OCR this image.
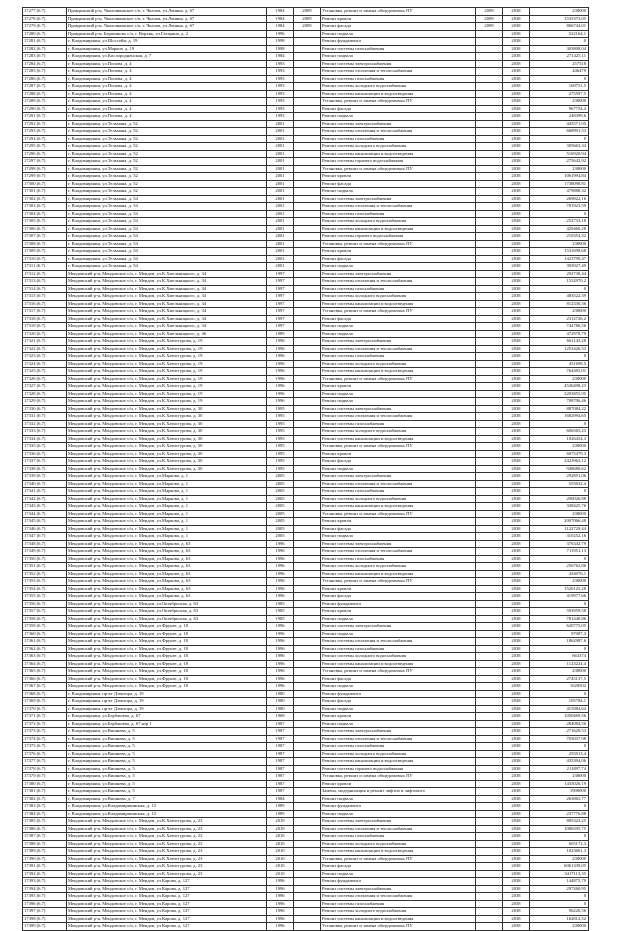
17277 (6.7)	Правдинский р-н, Чкаловкинское с/п, г. Чкалов, ул.Ленина, д. 67	1984	2009	Установка, ремонт и замена общедомовых ПУ	2009	2038	238000
17278 (6.7)	Правдинский р-н, Чкаловкинское с/п, г. Чкалов, ул.Ленина, д. 67	1984	2009	Ремонт кровли	2009	2038	1535373,05
17279 (6.7)	Правдинский р-н, Чкаловкинское с/п, г. Чкалов, ул.Ленина, д. 67	1984	2009	Ремонт фасада	2009	2038	866744,01
17280 (6.7)	Правдинский р-н, Бершиново с/п, г. Верхнь, ул.Гагарина, д. 2	1996		Ремонт подвала		2038	522164,1
17281 (6.7)	г. Владимиршин, ул.Шоссейн, д. 19	1998		Ремонт фундамента		2038	0
17282 (6.7)	г. Владимиршин, ул.Марков, д. 19	1998		Ремонт системы газоснабжения		2038	303808,04
17283 (6.7)	г. Владимиршин, ул.Кислородненская, д. 7	1984		Ремонт подвала		2038	271425,11
17284 (6.7)	г. Владимиршин, ул.Попова, д. 4	1993		Ремонт системы электроснабжения		2038	257518
17285 (6.7)	г. Владимиршин, ул.Попова, д. 4	1993		Ремонт системы отопления и теплоснабжения		2038	446479
17286 (6.7)	г. Владимиршин, ул.Попова, д. 4	1993		Ремонт системы газоснабжения		2038	0
17287 (6.7)	г. Владимиршин, ул.Попова, д. 4	1993		Ремонт системы холодного водоснабжения		2038	169751,5
17288 (6.7)	г. Владимиршин, ул.Попова, д. 4	1993		Ремонт системы канализации и водоотведения		2038	275597,5
17289 (6.7)	г. Владимиршин, ул.Попова, д. 4	1993		Установка, ремонт и замена общедомовых ПУ		2038	238000
17290 (6.7)	г. Владимиршин, ул.Попова, д. 4	1993		Ремонт фасада		2038	967754,4
17291 (6.7)	г. Владимиршин, ул.Попова, д. 4	1993		Ремонт подвала		2038	248399,6
17292 (6.7)	г. Владимиршин, ул.Тельмана, д. 52	2001		Ремонт системы электроснабжения		2038	445571,95
17293 (6.7)	г. Владимиршин, ул.Тельмана, д. 52	2001		Ремонт системы отопления и теплоснабжения		2038	668991,53
17294 (6.7)	г. Владимиршин, ул.Тельмана, д. 52	2001		Ремонт системы газоснабжения		2038	0
17295 (6.7)	г. Владимиршин, ул.Тельмана, д. 52	2001		Ремонт системы холодного водоснабжения		2038	305663,34
17296 (6.7)	г. Владимиршин, ул.Тельмана, д. 52	2001		Ремонт системы канализации и водоотведения		2038	516920,94
17297 (6.7)	г. Владимиршин, ул.Тельмана, д. 52	2001		Ремонт системы горячего водоснабжения		2038	275642,92
17298 (6.7)	г. Владимиршин, ул.Тельмана, д. 52	2001		Установка, ремонт и замена общедомовых ПУ		2038	238000
17299 (6.7)	г. Владимиршин, ул.Тельмана, д. 52	2001		Ремонт кровли		2038	1061994,84
17300 (6.7)	г. Владимиршин, ул.Тельмана, д. 52	2001		Ремонт фасада		2038	1738098,81
17301 (6.7)	г. Владимиршин, ул.Тельмана, д. 52	2001		Ремонт подвала		2038	479888,32
17302 (6.7)	г. Владимиршин, ул.Тельмана, д. 54	2001		Ремонт системы электроснабжения		2038	269822,16
17303 (6.7)	г. Владимиршин, ул.Тельмана, д. 54	2001		Ремонт системы отопления и теплоснабжения		2038	781923,59
17304 (6.7)	г. Владимиршин, ул.Тельмана, д. 54	2001		Ремонт системы газоснабжения		2038	0
17305 (6.7)	г. Владимиршин, ул.Тельмана, д. 54	2001		Ремонт системы холодного водоснабжения		2038	252733,18
17306 (6.7)	г. Владимиршин, ул.Тельмана, д. 54	2001		Ремонт системы канализации и водоотведения		2038	429460,28
17307 (6.7)	г. Владимиршин, ул.Тельмана, д. 54	2001		Ремонт системы горячего водоснабжения		2038	210354,32
17308 (6.7)	г. Владимиршин, ул.Тельмана, д. 54	2001		Установка, ремонт и замена общедомовых ПУ		2038	238000
17309 (6.7)	г. Владимиршин, ул.Тельмана, д. 54	2001		Ремонт кровли		2038	1531698,68
17310 (6.7)	г. Владимиршин, ул.Тельмана, д. 54	2001		Ремонт фасада		2038	1423799,47
17311 (6.7)	г. Владимиршин, ул.Тельмана, д. 54	2001		Ремонт подвала		2038	393927,49
17312 (6.7)	Мендовский р-н, Мендовское с/п, г. Мендов, ул.К.Хмельницкого, д. 34	1997		Ремонт системы электроснабжения		2038	292738,44
17313 (6.7)	Мендовский р-н, Мендовское с/п, г. Мендов, ул.К.Хмельницкого, д. 34	1997		Ремонт системы отопления и теплоснабжения		2038	1532970,2
17314 (6.7)	Мендовский р-н, Мендовское с/п, г. Мендов, ул.К.Хмельницкого, д. 34	1997		Ремонт системы газоснабжения		2038	0
17315 (6.7)	Мендовский р-н, Мендовское с/п, г. Мендов, ул.К.Хмельницкого, д. 34	1997		Ремонт системы холодного водоснабжения		2038	483522,39
17316 (6.7)	Мендовский р-н, Мендовское с/п, г. Мендов, ул.К.Хмельницкого, д. 34	1997		Ремонт системы канализации и водоотведения		2038	812330,36
17317 (6.7)	Мендовский р-н, Мендовское с/п, г. Мендов, ул.К.Хмельницкого, д. 34	1997		Установка, ремонт и замена общедомовых ПУ		2038	238000
17318 (6.7)	Мендовский р-н, Мендовское с/п, г. Мендов, ул.К.Хмельницкого, д. 34	1997		Ремонт фасада		2038	2312726,2
17319 (6.7)	Мендовский р-н, Мендовское с/п, г. Мендов, ул.К.Хмельницкого, д. 34	1997		Ремонт подвала		2038	744786,56
17320 (6.7)	Мендовский р-н, Мендовское с/п, г. Мендов, ул.К.Хмельницкого, д. 46	1989		Ремонт подвала		2038	472978,79
17321 (6.7)	Мендовский р-н, Мендовское с/п, г. Мендов, ул.К.Хатисгурова, д. 19	1996		Ремонт системы электроснабжения		2038	661143,28
17322 (6.7)	Мендовский р-н, Мендовское с/п, г. Мендов, ул.К.Хатисгурова, д. 19	1996		Ремонт системы отопления и теплоснабжения		2038	1253426,53
17323 (6.7)	Мендовский р-н, Мендовское с/п, г. Мендов, ул.К.Хатисгурова, д. 19	1996		Ремонт системы газоснабжения		2038	0
17324 (6.7)	Мендовский р-н, Мендовское с/п, г. Мендов, ул.К.Хатисгурова, д. 19	1996		Ремонт системы холодного водоснабжения		2038	451698,5
17325 (6.7)	Мендовский р-н, Мендовское с/п, г. Мендов, ул.К.Хатисгурова, д. 19	1996		Ремонт системы канализации и водоотведения		2038	764465,01
17326 (6.7)	Мендовский р-н, Мендовское с/п, г. Мендов, ул.К.Хатисгурова, д. 19	1996		Установка, ремонт и замена общедомовых ПУ		2038	238000
17327 (6.7)	Мендовский р-н, Мендовское с/п, г. Мендов, ул.К.Хатисгурова, д. 19	1996		Ремонт кровли		2038	4526498,23
17328 (6.7)	Мендовский р-н, Мендовское с/п, г. Мендов, ул.К.Хатисгурова, д. 19	1996		Ремонт подвала		2038	2203855,95
17329 (6.7)	Мендовский р-н, Мендовское с/п, г. Мендов, ул.К.Хатисгурова, д. 19	1996		Ремонт подвала		2038	708706,46
17330 (6.7)	Мендовский р-н, Мендовское с/п, г. Мендов, ул.К.Хатисгурова, д. 30	1995		Ремонт системы электроснабжения		2038	887084,22
17331 (6.7)	Мендовский р-н, Мендовское с/п, г. Мендов, ул.К.Хатисгурова, д. 30	1995		Ремонт системы отопления и теплоснабжения		2038	1682994,65
17332 (6.7)	Мендовский р-н, Мендовское с/п, г. Мендов, ул.К.Хатисгурова, д. 30	1995		Ремонт системы газоснабжения		2038	0
17333 (6.7)	Мендовский р-н, Мендовское с/п, г. Мендов, ул.К.Хатисгурова, д. 30	1995		Ремонт системы холодного водоснабжения		2038	606565,23
17334 (6.7)	Мендовский р-н, Мендовское с/п, г. Мендов, ул.К.Хатисгурова, д. 30	1995		Ремонт системы канализации и водоотведения		2038	1026454,3
17335 (6.7)	Мендовский р-н, Мендовское с/п, г. Мендов, ул.К.Хатисгурова, д. 30	1995		Установка, ремонт и замена общедомовых ПУ		2038	238000
17336 (6.7)	Мендовский р-н, Мендовское с/п, г. Мендов, ул.К.Хатисгурова, д. 30	1995		Ремонт кровли		2038	6075479,3
17337 (6.7)	Мендовский р-н, Мендовское с/п, г. Мендов, ул.К.Хатисгурова, д. 30	1995		Ремонт фасада		2038	2423962,12
17338 (6.7)	Мендовский р-н, Мендовское с/п, г. Мендов, ул.К.Хатисгурова, д. 30	1995		Ремонт подвала		2038	948680,62
17339 (6.7)	Мендовский р-н, Мендовское с/п, г. Мендов, ул.Маркова, д. 1	2005		Ремонт системы электроснабжения		2038	292851,06
17340 (6.7)	Мендовский р-н, Мендовское с/п, г. Мендов, ул.Маркова, д. 1	2005		Ремонт системы отопления и теплоснабжения		2038	555632,4
17341 (6.7)	Мендовский р-н, Мендовское с/п, г. Мендов, ул.Маркова, д. 1	2005		Ремонт системы газоснабжения		2038	0
17342 (6.7)	Мендовский р-н, Мендовское с/п, г. Мендов, ул.Маркова, д. 1	2005		Ремонт системы холодного водоснабжения		2038	200026,88
17343 (6.7)	Мендовский р-н, Мендовское с/п, г. Мендов, ул.Маркова, д. 1	2005		Ремонт системы канализации и водоотведения		2038	338425,76
17344 (6.7)	Мендовский р-н, Мендовское с/п, г. Мендов, ул.Маркова, д. 1	2005		Установка, ремонт и замена общедомовых ПУ		2038	238000
17345 (6.7)	Мендовский р-н, Мендовское с/п, г. Мендов, ул.Маркова, д. 1	2005		Ремонт кровли		2038	2007066,48
17346 (6.7)	Мендовский р-н, Мендовское с/п, г. Мендов, ул.Маркова, д. 1	2005		Ремонт фасада		2038	1122729,44
17347 (6.7)	Мендовский р-н, Мендовское с/п, г. Мендов, ул.Маркова, д. 1	2005		Ремонт подвала		2038	310252,16
17348 (6.7)	Мендовский р-н, Мендовское с/п, г. Мендов, ул.Маркова, д. 63	1996		Ремонт системы электроснабжения		2038	376342,79
17349 (6.7)	Мендовский р-н, Мендовское с/п, г. Мендов, ул.Маркова, д. 63	1996		Ремонт системы отопления и теплоснабжения		2038	711951,13
17350 (6.7)	Мендовский р-н, Мендовское с/п, г. Мендов, ул.Маркова, д. 63	1996		Ремонт системы газоснабжения		2038	0
17351 (6.7)	Мендовский р-н, Мендовское с/п, г. Мендов, ул.Маркова, д. 63	1996		Ремонт системы холодного водоснабжения		2038	256762,86
17352 (6.7)	Мендовский р-н, Мендовское с/п, г. Мендов, ул.Маркова, д. 63	1996		Ремонт системы канализации и водоотведения		2038	434076,1
17353 (6.7)	Мендовский р-н, Мендовское с/п, г. Мендов, ул.Маркова, д. 63	1996		Установка, ремонт и замена общедомовых ПУ		2038	238000
17354 (6.7)	Мендовский р-н, Мендовское с/п, г. Мендов, ул.Маркова, д. 63	1996		Ремонт кровли		2038	1520125,28
17355 (6.7)	Мендовский р-н, Мендовское с/п, г. Мендов, ул.Маркова, д. 63	1996		Ремонт фасада		2038	419977,66
17356 (6.7)	Мендовский р-н, Мендовское с/п, г. Мендов, ул.Октябрьская, д. 63	1985		Ремонт фундамента		2038	0
17357 (6.7)	Мендовский р-н, Мендовское с/п, г. Мендов, ул.Октябрьская, д. 63	1985		Ремонт кровли		2038	593959,58
17358 (6.7)	Мендовский р-н, Мендовское с/п, г. Мендов, ул.Октябрьская, д. 63	1985		Ремонт подвала		2038	781440,86
17359 (6.7)	Мендовский р-н, Мендовское с/п, г. Мендов, ул.Фрунзе, д. 18	1996		Ремонт системы электроснабжения		2038	620775,05
17360 (6.7)	Мендовский р-н, Мендовское с/п, г. Мендов, ул.Фрунзе, д. 18	1996		Ремонт подвала		2038	97087,3
17361 (6.7)	Мендовский р-н, Мендовское с/п, г. Мендов, ул.Фрунзе, д. 18	1996		Ремонт системы отопления и теплоснабжения		2038	1862987,6
17362 (6.7)	Мендовский р-н, Мендовское с/п, г. Мендов, ул.Фрунзе, д. 18	1996		Ремонт системы газоснабжения		2038	0
17363 (6.7)	Мендовский р-н, Мендовское с/п, г. Мендов, ул.Фрунзе, д. 18	1996		Ремонт системы холодного водоснабжения		2038	663374
17364 (6.7)	Мендовский р-н, Мендовское с/п, г. Мендов, ул.Фрунзе, д. 18	1996		Ремонт системы канализации и водоотведения		2038	1123224,4
17365 (6.7)	Мендовский р-н, Мендовское с/п, г. Мендов, ул.Фрунзе, д. 18	1996		Установка, ремонт и замена общедомовых ПУ		2038	238000
17366 (6.7)	Мендовский р-н, Мендовское с/п, г. Мендов, ул.Фрунзе, д. 18	1996		Ремонт фасада		2038	2745137,5
17367 (6.7)	Мендовский р-н, Мендовское с/п, г. Мендов, ул.Фрунзе, д. 18	1996		Ремонт подвала		2038	1028502
17368 (6.7)	г. Владимиршин, пр-кт Дзентора, д. 19	1980		Ремонт фундамента		2038	0
17369 (6.7)	г. Владимиршин, пр-кт Дзентора, д. 19	1980		Ремонт фасада		2038	105784,1
17370 (6.7)	г. Владимиршин, пр-кт Дзентора, д. 19	1980		Ремонт подвала		2038	415984,64
17371 (6.7)	г. Владимиршин, ул.Барбашева, д. 67	1968		Ремонт кровли		2038	1050469,56
17372 (6.7)	г. Владимиршин, ул.Барбашева, д. 67 кор 1	1987		Ремонт подвала		2038	284084,56
17373 (6.7)	г. Владимиршин, ул.Вишнева, д. 5	1987		Ремонт системы электроснабжения		2038	271629,53
17374 (6.7)	г. Владимиршин, ул.Вишнева, д. 5	1987		Ремонт системы отопления и теплоснабжения		2038	703037,98
17375 (6.7)	г. Владимиршин, ул.Вишнева, д. 5	1987		Ремонт системы газоснабжения		2038	0
17376 (6.7)	г. Владимиршин, ул.Вишнева, д. 5	1987		Ремонт системы холодного водоснабжения		2038	255913,4
17377 (6.7)	г. Владимиршин, ул.Вишнева, д. 5	1987		Ремонт системы канализации и водоотведения		2038	435394,06
17378 (6.7)	г. Владимиршин, ул.Вишнева, д. 5	1987		Ремонт системы горячего водоснабжения		2038	211897,74
17379 (6.7)	г. Владимиршин, ул.Вишнева, д. 5	1987		Установка, ремонт и замена общедомовых ПУ		2038	238000
17380 (6.7)	г. Владимиршин, ул.Вишнева, д. 5	1987		Ремонт кровли		2038	1433026,19
17381 (6.7)	г. Владимиршин, ул.Вишнева, д. 5	1987		Замена, модернизация и ремонт лифтов и лифтового		2038	1900000
17382 (6.7)	г. Владимиршин, ул.Вишнева, д. 7	1984		Ремонт подвала		2038	263865,77
17383 (6.7)	г. Владимиршин, ул.Владимиршинская, д. 13	1989		Ремонт фундамента		2038	0
17384 (6.7)	г. Владимиршин, ул.Владимиршинская, д. 13	1989		Ремонт подвала		2038	237776,88
17385 (6.7)	Мендовский р-н, Мендовское с/п, г. Мендов, ул.К.Хатисгурова, д. 23	2010		Ремонт системы электроснабжения		2038	885323,25
17386 (6.7)	Мендовский р-н, Мендовское с/п, г. Мендов, ул.К.Хатисгурова, д. 23	2010		Ремонт системы отопления и теплоснабжения		2038	1086595,75
17387 (6.7)	Мендовский р-н, Мендовское с/п, г. Мендов, ул.К.Хатисгурова, д. 23	2010		Ремонт системы газоснабжения		2038	0
17388 (6.7)	Мендовский р-н, Мендовское с/п, г. Мендов, ул.К.Хатисгурова, д. 23	2010		Ремонт системы холодного водоснабжения		2038	605172,3
17389 (6.7)	Мендовский р-н, Мендовское с/п, г. Мендов, ул.К.Хатисгурова, д. 23	2010		Ремонт системы канализации и водоотведения		2038	1023661,3
17390 (6.7)	Мендовский р-н, Мендовское с/п, г. Мендов, ул.К.Хатисгурова, д. 23	2010		Установка, ремонт и замена общедомовых ПУ		2038	238000
17391 (6.7)	Мендовский р-н, Мендовское с/п, г. Мендов, ул.К.Хатисгурова, д. 23	2010		Ремонт фасада		2038	6061339,05
17392 (6.7)	Мендовский р-н, Мендовское с/п, г. Мендов, ул.К.Хатисгурова, д. 23	2010		Ремонт подвала		2038	3417113,35
17393 (6.7)	Мендовский р-н, Мендовское с/п, г. Мендов, ул.Карова, д. 127	1996		Ремонт фундамента		2038	144875,79
17394 (6.7)	Мендовский р-н, Мендовское с/п, г. Мендов, ул.Карова, д. 127	1996		Ремонт системы электроснабжения		2038	297260,95
17395 (6.7)	Мендовский р-н, Мендовское с/п, г. Мендов, ул.Карова, д. 127	1996		Ремонт системы отопления и теплоснабжения		2038	0
17396 (6.7)	Мендовский р-н, Мендовское с/п, г. Мендов, ул.Карова, д. 127	1996		Ремонт системы газоснабжения		2038	0
17397 (6.7)	Мендовский р-н, Мендовское с/п, г. Мендов, ул.Карова, д. 127	1996		Ремонт системы холодного водоснабжения		2038	96220,56
17398 (6.7)	Мендовский р-н, Мендовское с/п, г. Мендов, ул.Карова, д. 127	1996		Ремонт системы канализации и водоотведения		2038	162812,52
17399 (6.7)	Мендовский р-н, Мендовское с/п, г. Мендов, ул.Карова, д. 127	1996		Установка, ремонт и замена общедомовых ПУ		2038	238000
